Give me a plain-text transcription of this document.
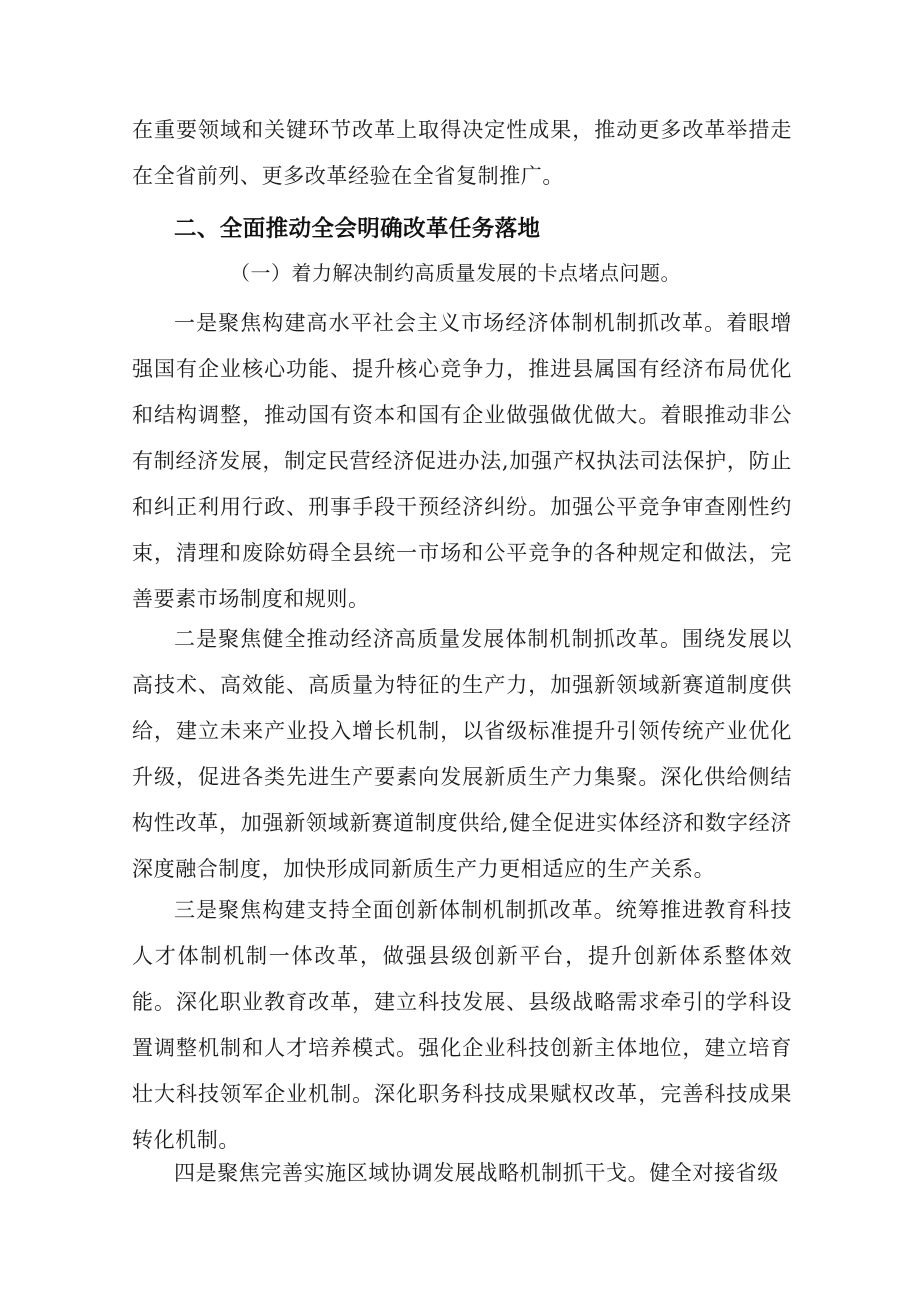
在重要领域和关键环节改革上取得决定性成果，推动更多改革举措走在全省前列、更多改革经验在全省复制推广。

二、全面推动全会明确改革任务落地

（一）着力解决制约高质量发展的卡点堵点问题。

一是聚焦构建高水平社会主义市场经济体制机制抓改革。着眼增强国有企业核心功能、提升核心竞争力，推进县属国有经济布局优化和结构调整，推动国有资本和国有企业做强做优做大。着眼推动非公有制经济发展，制定民营经济促进办法,加强产权执法司法保护，防止和纠正利用行政、刑事手段干预经济纠纷。加强公平竞争审查刚性约束，清理和废除妨碍全县统一市场和公平竞争的各种规定和做法，完善要素市场制度和规则。

二是聚焦健全推动经济高质量发展体制机制抓改革。围绕发展以高技术、高效能、高质量为特征的生产力，加强新领域新赛道制度供给，建立未来产业投入增长机制，以省级标准提升引领传统产业优化升级，促进各类先进生产要素向发展新质生产力集聚。深化供给侧结构性改革，加强新领域新赛道制度供给,健全促进实体经济和数字经济深度融合制度，加快形成同新质生产力更相适应的生产关系。

三是聚焦构建支持全面创新体制机制抓改革。统筹推进教育科技人才体制机制一体改革，做强县级创新平台，提升创新体系整体效能。深化职业教育改革，建立科技发展、县级战略需求牵引的学科设置调整机制和人才培养模式。强化企业科技创新主体地位，建立培育壮大科技领军企业机制。深化职务科技成果赋权改革，完善科技成果转化机制。

四是聚焦完善实施区域协调发展战略机制抓干戈。健全对接省级
